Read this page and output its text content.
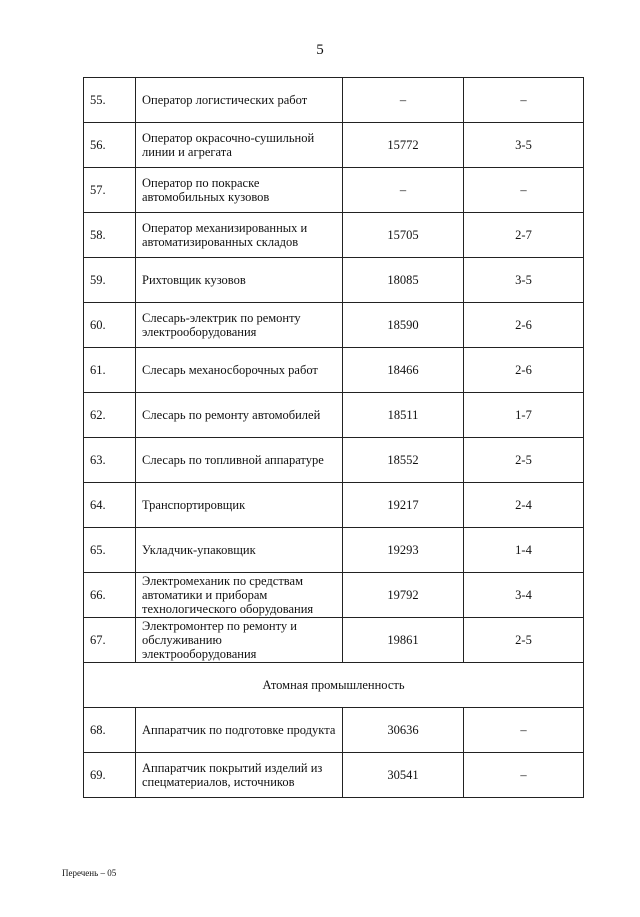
5
55.	Оператор логистических работ	–	–
56.	Оператор окрасочно-сушильной линии и агрегата	15772	3-5
57.	Оператор по покраске автомобильных кузовов	–	–
58.	Оператор механизированных и автоматизированных складов	15705	2-7
59.	Рихтовщик кузовов	18085	3-5
60.	Слесарь-электрик по ремонту электрооборудования	18590	2-6
61.	Слесарь механосборочных работ	18466	2-6
62.	Слесарь по ремонту автомобилей	18511	1-7
63.	Слесарь по топливной аппаратуре	18552	2-5
64.	Транспортировщик	19217	2-4
65.	Укладчик-упаковщик	19293	1-4
66.	Электромеханик по средствам автоматики и приборам технологического оборудования	19792	3-4
67.	Электромонтер по ремонту и обслуживанию электрооборудования	19861	2-5
Атомная промышленность			
68.	Аппаратчик по подготовке продукта	30636	–
69.	Аппаратчик покрытий изделий из спецматериалов, источников	30541	–
Перечень – 05
